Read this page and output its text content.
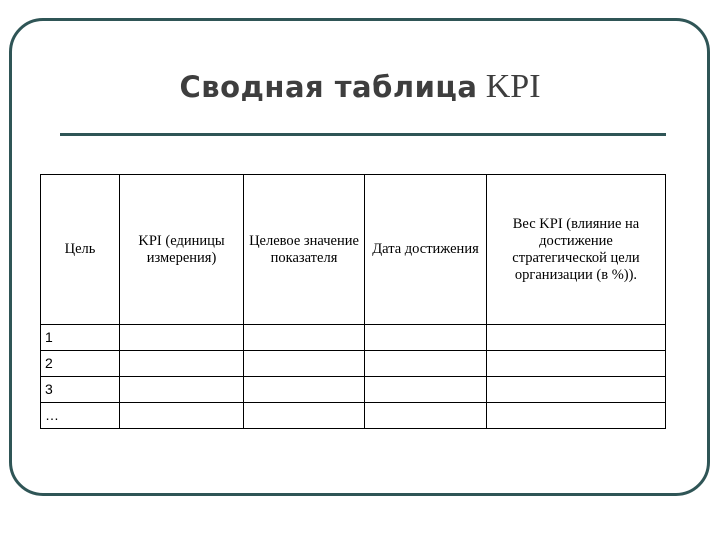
Сводная таблица KPI
Цель	KPI (единицы измерения)	Целевое значение показателя	Дата достижения	Вес KPI (влияние на достижение стратегической цели организации (в %)).
1				
2				
3				
…				
